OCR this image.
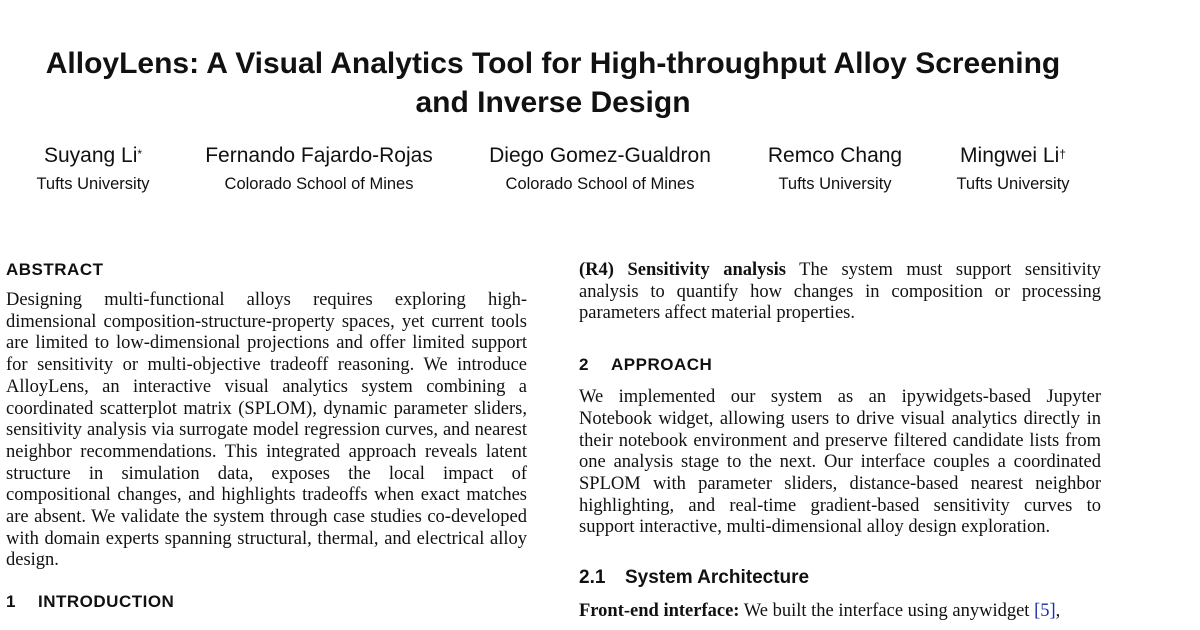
AlloyLens: A Visual Analytics Tool for High-throughput Alloy Screening
and Inverse Design
Suyang Li*
Tufts University
Fernando Fajardo-Rojas
Colorado School of Mines
Diego Gomez-Gualdron
Colorado School of Mines
Remco Chang
Tufts University
Mingwei Li†
Tufts University
ABSTRACT
Designing multi-functional alloys requires exploring high-dimensional composition-structure-property spaces, yet current tools are limited to low-dimensional projections and offer limited support for sensitivity or multi-objective tradeoff reasoning. We introduce AlloyLens, an interactive visual analytics system combining a coordinated scatterplot matrix (SPLOM), dynamic parameter sliders, sensitivity analysis via surrogate model regression curves, and nearest neighbor recommendations. This integrated approach reveals latent structure in simulation data, exposes the local impact of compositional changes, and highlights tradeoffs when exact matches are absent. We validate the system through case studies co-developed with domain experts spanning structural, thermal, and electrical alloy design.
1 INTRODUCTION
(R4) Sensitivity analysis The system must support sensitivity analysis to quantify how changes in composition or processing parameters affect material properties.
2 APPROACH
We implemented our system as an ipywidgets-based Jupyter Notebook widget, allowing users to drive visual analytics directly in their notebook environment and preserve filtered candidate lists from one analysis stage to the next. Our interface couples a coordinated SPLOM with parameter sliders, distance-based nearest neighbor highlighting, and real-time gradient-based sensitivity curves to support interactive, multi-dimensional alloy design exploration.
2.1 System Architecture
Front-end interface: We built the interface using anywidget [5],
